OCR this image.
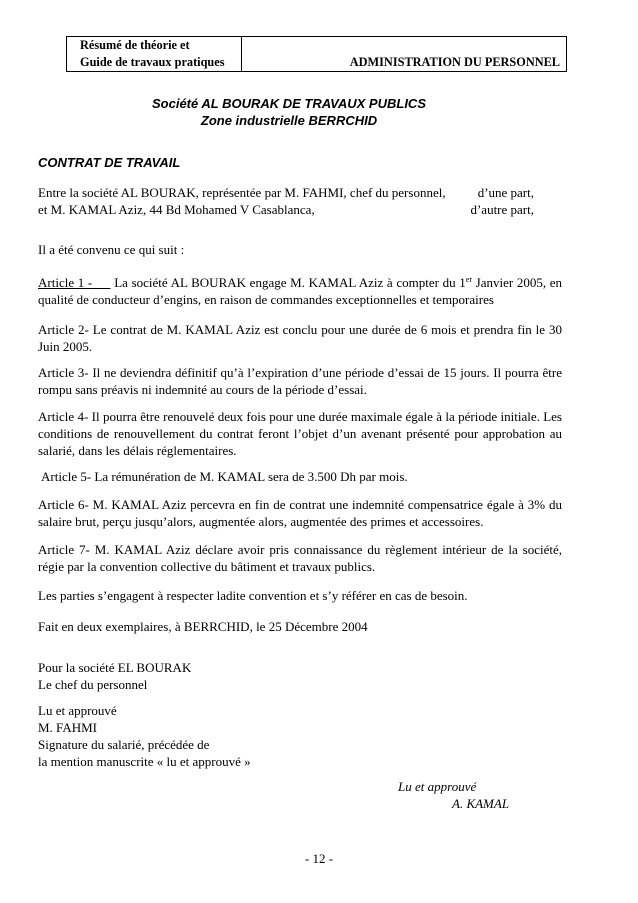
Résumé de théorie et
Guide de travaux pratiques	ADMINISTRATION DU PERSONNEL
Société AL BOURAK DE TRAVAUX PUBLICS
Zone industrielle BERRCHID
CONTRAT DE TRAVAIL
Entre la société AL BOURAK, représentée par M. FAHMI, chef du personnel, d’une part,
et M. KAMAL Aziz, 44 Bd Mohamed V Casablanca,	d’autre part,
Il a été convenu ce qui suit :
Article 1 - La société AL BOURAK engage M. KAMAL Aziz à compter du 1er Janvier 2005, en
qualité de conducteur d’engins, en raison de commandes exceptionnelles et temporaires
Article 2- Le contrat de M. KAMAL Aziz est conclu pour une durée de 6 mois et prendra fin le 30
Juin 2005.
Article 3- Il ne deviendra définitif qu’à l’expiration d’une période d’essai de 15 jours. Il pourra être
rompu sans préavis ni indemnité au cours de la période d’essai.
Article 4- Il pourra être renouvelé deux fois pour une durée maximale égale à la période initiale. Les
conditions de renouvellement du contrat feront l’objet d’un avenant présenté pour approbation au
salarié, dans les délais réglementaires.
Article 5- La rémunération de M. KAMAL sera de 3.500 Dh par mois.
Article 6- M. KAMAL Aziz percevra en fin de contrat une indemnité compensatrice égale à 3% du
salaire brut, perçu jusqu’alors, augmentée alors, augmentée des primes et accessoires.
Article 7- M. KAMAL Aziz déclare avoir pris connaissance du règlement intérieur de la société,
régie par la convention collective du bâtiment et travaux publics.
Les parties s’engagent à respecter ladite convention et s’y référer en cas de besoin.
Fait en deux exemplaires, à BERRCHID, le 25 Décembre 2004
Pour la société EL BOURAK
Le chef du personnel
Lu et approuvé
M. FAHMI
Signature du salarié, précédée de
la mention manuscrite « lu et approuvé »
Lu et approuvé
A. KAMAL
- 12 -
